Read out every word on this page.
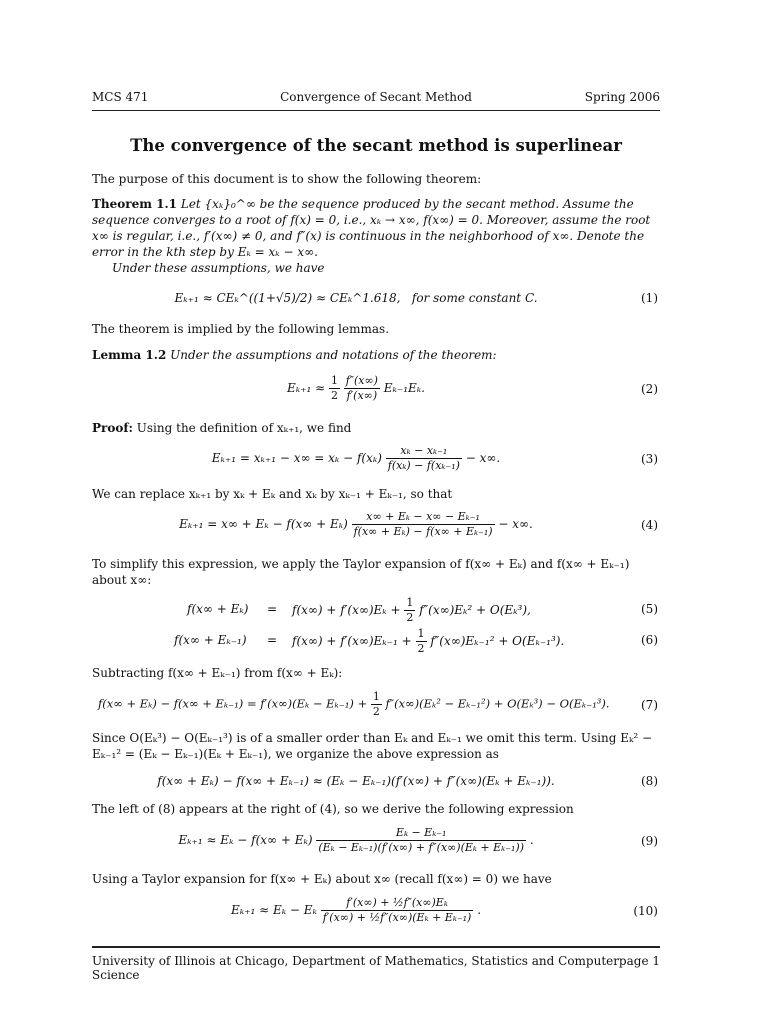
MCS 471	Convergence of Secant Method	Spring 2006
The convergence of the secant method is superlinear
The purpose of this document is to show the following theorem:
Theorem 1.1 Let {xₖ}₀^∞ be the sequence produced by the secant method. Assume the sequence converges to a root of f(x) = 0, i.e., xₖ → x∞, f(x∞) = 0. Moreover, assume the root x∞ is regular, i.e., f′(x∞) ≠ 0, and f″(x) is continuous in the neighborhood of x∞. Denote the error in the kth step by Eₖ = xₖ − x∞.
Under these assumptions, we have
Eₖ₊₁ ≈ CEₖ^((1+√5)/2) ≈ CEₖ^1.618, for some constant C.	(1)
The theorem is implied by the following lemmas.
Lemma 1.2 Under the assumptions and notations of the theorem:
$E_{k+1} \approx \frac{1}{2}$
$\frac{f''(x\infty)}{f'(x\infty)} E_{k-1}E_k$.	(2)
Proof: Using the definition of xₖ₊₁, we find
$E_{k+1} = x_{k+1} - x\infty = x_k - f(x_k) \frac{\text{xₖ − xₖ₋₁}}{\text{f(xₖ) − f(xₖ₋₁)}} - x\infty$.	(3)
We can replace xₖ₊₁ by xₖ + Eₖ and xₖ by xₖ₋₁ + Eₖ₋₁, so that
$E_{k+1} = x\infty + E_k - f(x\infty + E_k) \frac{\text{x∞ + Eₖ − x∞ − Eₖ₋₁}}{\text{f(x∞ + Eₖ) − f(x∞ + Eₖ₋₁)}} - x\infty$.	(4)
To simplify this expression, we apply the Taylor expansion of f(x∞ + Eₖ) and f(x∞ + Eₖ₋₁) about x∞:
$f(x\infty + E_k) = f(x\infty) + f'(x\infty)E_k + \frac{1}{2} f''(x\infty)E_k^2 + O(E_k^3)$,	(5)
$f(x\infty + E_{k-1}) = f(x\infty) + f'(x\infty)E_{k-1} + \frac{1}{2} f''(x\infty)E_{k-1}^2 + O(E_{k-1}^3)$.	(6)
Subtracting f(x∞ + Eₖ₋₁) from f(x∞ + Eₖ):
$f(x\infty + E_k) - f(x\infty + E_{k-1}) = f'(x\infty)(E_k - E_{k-1}) + \frac{1}{2} f''(x\infty)(E_k^2 - E_{k-1}^2) + O(E_k^3) - O(E_{k-1}^3)$.	(7)
Since O(Eₖ³) − O(Eₖ₋₁³) is of a smaller order than Eₖ and Eₖ₋₁ we omit this term. Using Eₖ² − Eₖ₋₁² = (Eₖ − Eₖ₋₁)(Eₖ + Eₖ₋₁), we organize the above expression as
f(x∞ + Eₖ) − f(x∞ + Eₖ₋₁) ≈ (Eₖ − Eₖ₋₁)(f′(x∞) + f″(x∞)(Eₖ + Eₖ₋₁)).	(8)
The left of (8) appears at the right of (4), so we derive the following expression
$E_{k+1} \approx E_k - f(x\infty + E_k) \frac{\text{Eₖ − Eₖ₋₁}}{\text{(Eₖ − Eₖ₋₁)(f′(x∞) + f″(x∞)(Eₖ + Eₖ₋₁))}}$ .	(9)
Using a Taylor expansion for f(x∞ + Eₖ) about x∞ (recall f(x∞) = 0) we have
Eₖ₊₁ ≈ Eₖ − Eₖ $\frac{\text{f′(x∞) + ½f″(x∞)Eₖ}}{\text{f′(x∞) + ½f″(x∞)(Eₖ + Eₖ₋₁)}}$ .	(10)
University of Illinois at Chicago, Department of Mathematics, Statistics and Computer Science
page 1
